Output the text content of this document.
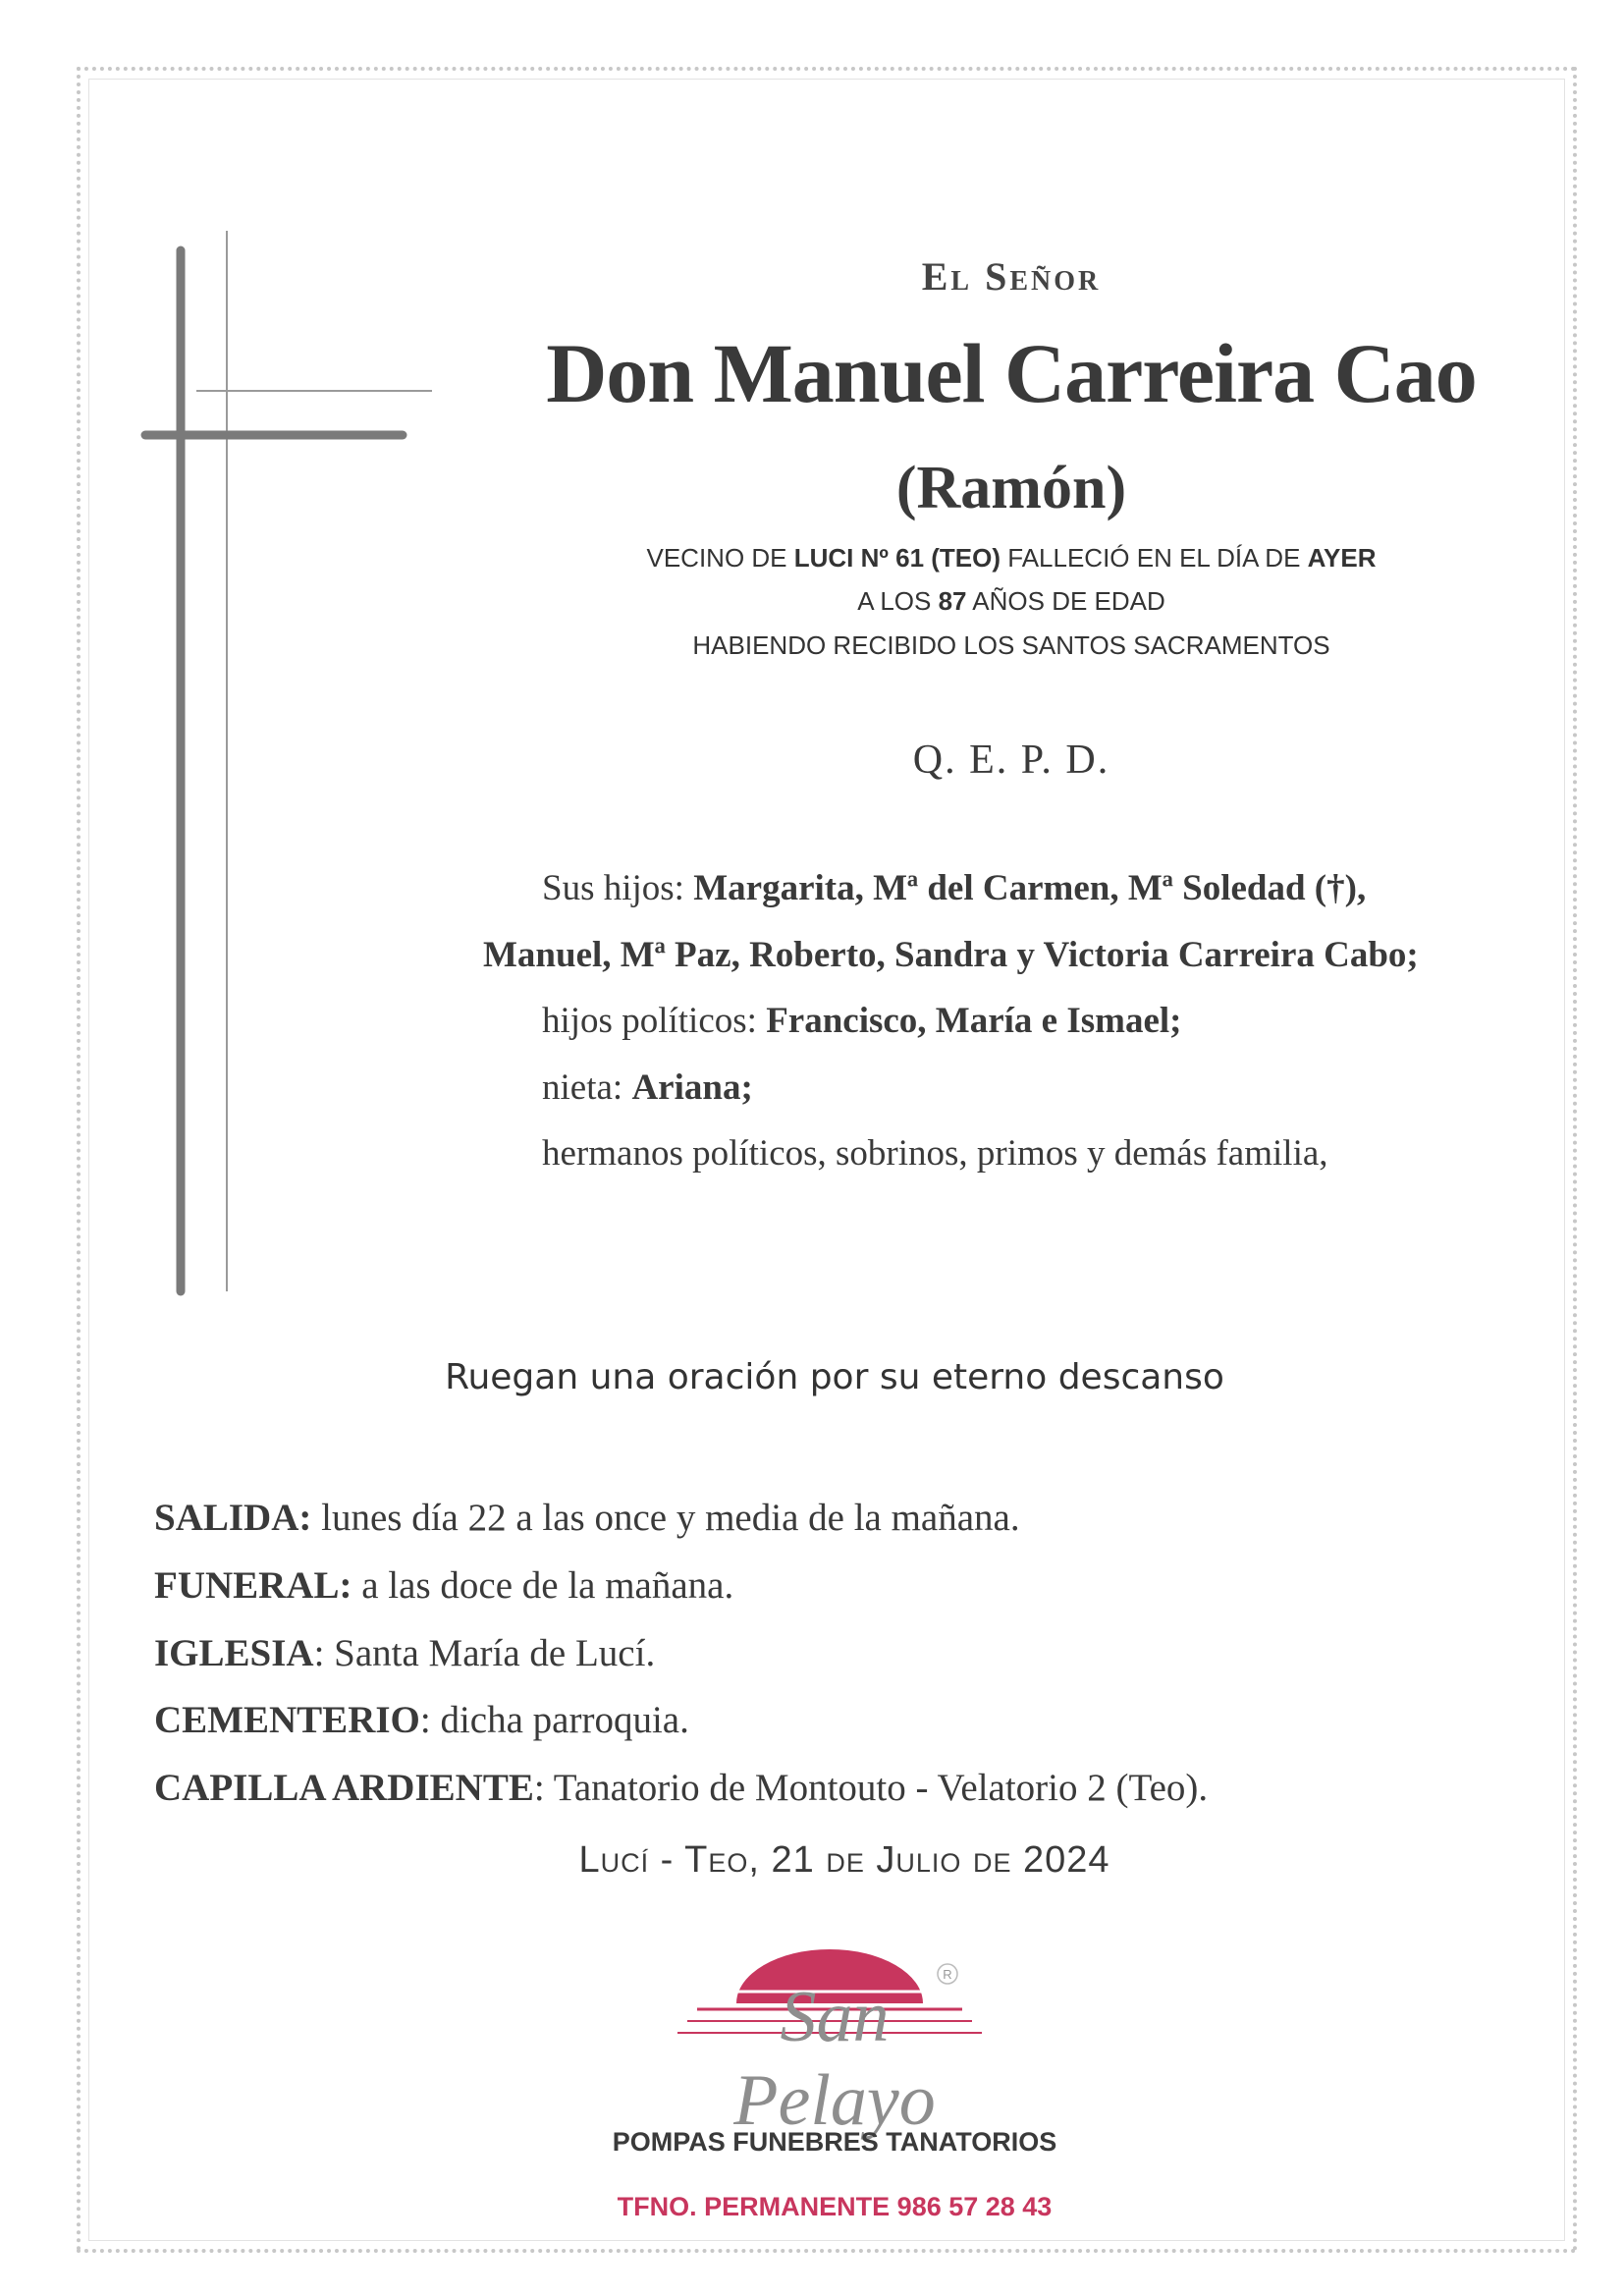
El Señor
Don Manuel Carreira Cao
(Ramón)
VECINO DE LUCI Nº 61 (TEO) FALLECIÓ EN EL DÍA DE AYER
A LOS 87 AÑOS DE EDAD
HABIENDO RECIBIDO LOS SANTOS SACRAMENTOS
Q. E. P. D.
Sus hijos: Margarita, Mª del Carmen, Mª Soledad (†),
Manuel, Mª Paz, Roberto, Sandra y Victoria Carreira Cabo;
hijos políticos: Francisco, María e Ismael;
nieta: Ariana;
hermanos políticos, sobrinos, primos y demás familia,
Ruegan una oración por su eterno descanso
SALIDA: lunes día 22 a las once y media de la mañana.
FUNERAL: a las doce de la mañana.
IGLESIA: Santa María de Lucí.
CEMENTERIO: dicha parroquia.
CAPILLA ARDIENTE: Tanatorio de Montouto - Velatorio 2 (Teo).
Lucí - Teo, 21 de Julio de 2024
R
San Pelayo
POMPAS FUNEBRES TANATORIOS
TFNO. PERMANENTE 986 57 28 43
